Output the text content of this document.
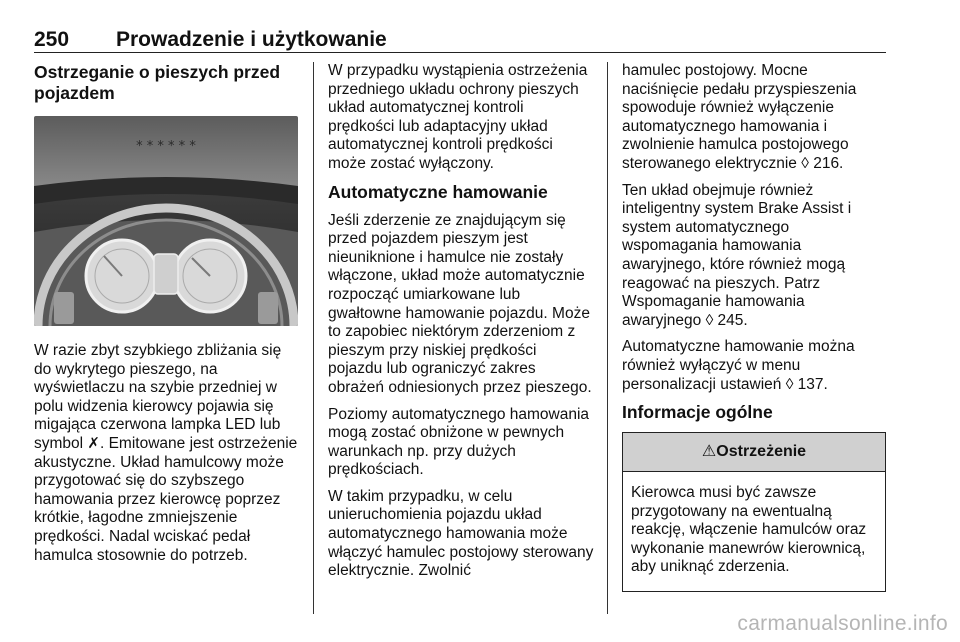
250 Prowadzenie i użytkowanie
Ostrzeganie o pieszych przed pojazdem
* * * * * *

W razie zbyt szybkiego zbliżania się do wykrytego pieszego, na wyświetlaczu na szybie przedniej w polu widzenia kierowcy pojawia się migająca czerwona lampka LED lub symbol ✗. Emitowane jest ostrzeżenie akustyczne. Układ hamulcowy może przygotować się do szybszego hamowania przez kierowcę poprzez krótkie, łagodne zmniejszenie prędkości. Nadal wciskać pedał hamulca stosownie do potrzeb.

W przypadku wystąpienia ostrzeżenia przedniego układu ochrony pieszych układ automatycznej kontroli prędkości lub adaptacyjny układ automatycznej kontroli prędkości może zostać wyłączony.

Automatyczne hamowanie

Jeśli zderzenie ze znajdującym się przed pojazdem pieszym jest nieuniknione i hamulce nie zostały włączone, układ może automatycznie rozpocząć umiarkowane lub gwałtowne hamowanie pojazdu. Może to zapobiec niektórym zderzeniom z pieszym przy niskiej prędkości pojazdu lub ograniczyć zakres obrażeń odniesionych przez pieszego.

Poziomy automatycznego hamowania mogą zostać obniżone w pewnych warunkach np. przy dużych prędkościach.

W takim przypadku, w celu unieruchomienia pojazdu układ automatycznego hamowania może włączyć hamulec postojowy sterowany elektrycznie. Zwolnić

hamulec postojowy. Mocne naciśnięcie pedału przyspieszenia spowoduje również wyłączenie automatycznego hamowania i zwolnienie hamulca postojowego sterowanego elektrycznie ◊ 216.

Ten układ obejmuje również inteligentny system Brake Assist i system automatycznego wspomagania hamowania awaryjnego, które również mogą reagować na pieszych. Patrz Wspomaganie hamowania awaryjnego ◊ 245.

Automatyczne hamowanie można również wyłączyć w menu personalizacji ustawień ◊ 137.

Informacje ogólne
⚠Ostrzeżenie
Kierowca musi być zawsze przygotowany na ewentualną reakcję, włączenie hamulców oraz wykonanie manewrów kierownicą, aby uniknąć zderzenia.
carmanualsonline.info
